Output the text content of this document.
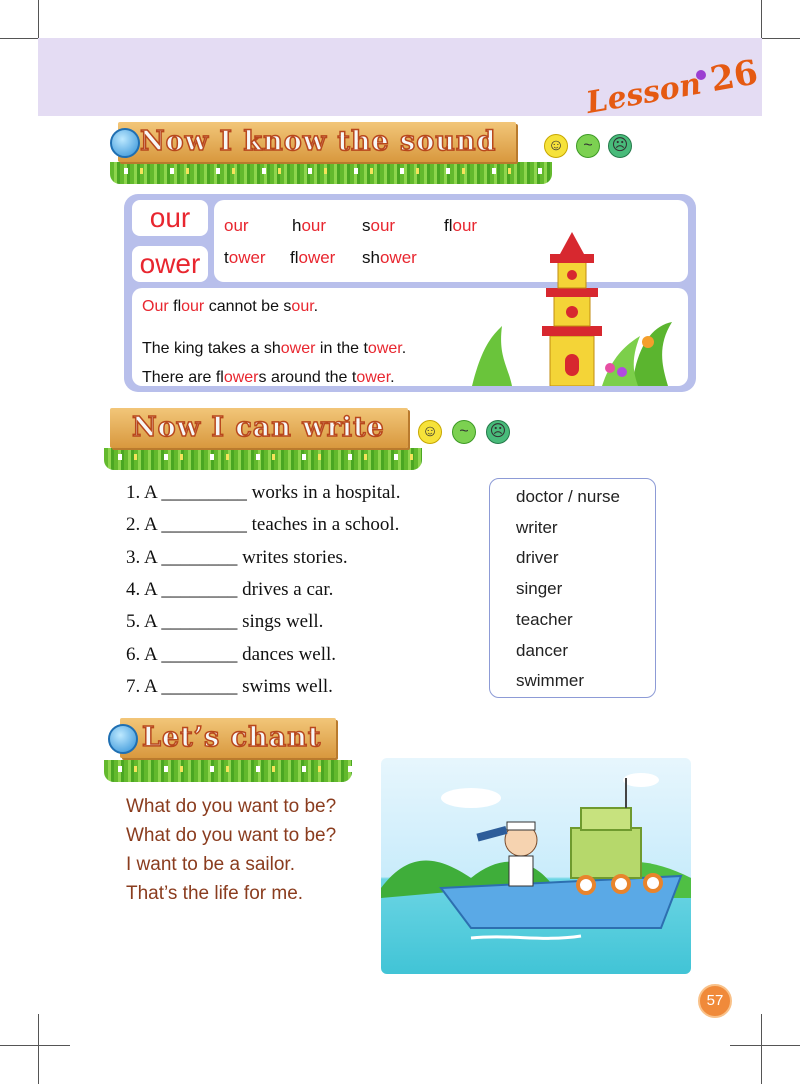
Lesson 26
Now I know the sound	☺	~	☹
our
ower
our	hour sour	flour
tower flower shower
Our flour cannot be sour.
The king takes a shower in the tower.
There are flowers around the tower.
Now I can write ☺	~	☹
1. A _________ works in a hospital.
2. A _________ teaches in a school.
3. A ________ writes stories.
4. A ________ drives a car.
5. A ________ sings well.
6. A ________ dances well.
7. A ________ swims well.
doctor / nurse
writer
driver
singer
teacher
dancer
swimmer
Let’s chant
What do you want to be?
What do you want to be?
I want to be a sailor.
That’s the life for me.
57
